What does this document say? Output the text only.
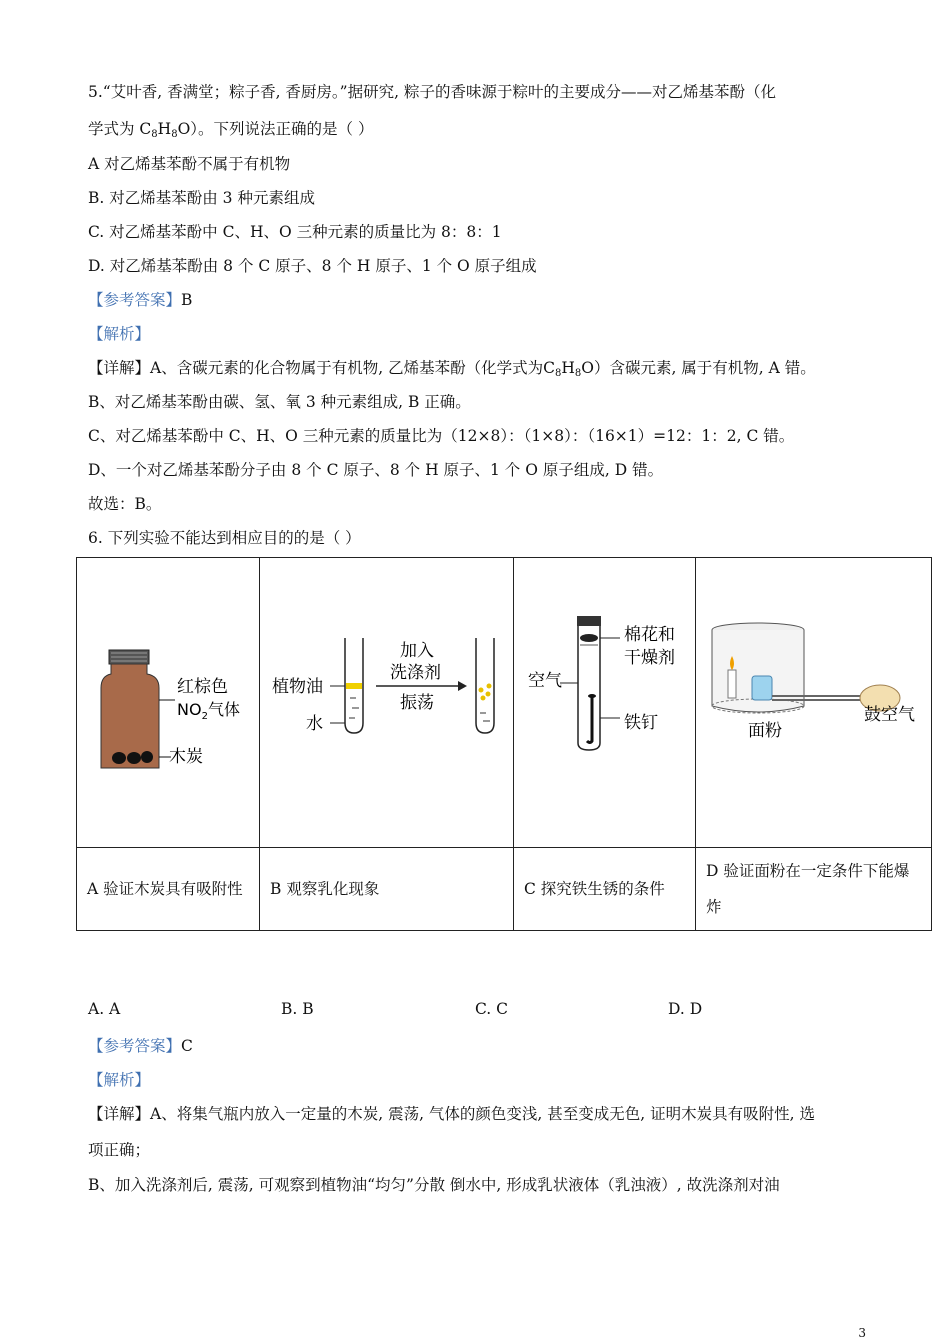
5.“艾叶香, 香满堂；粽子香, 香厨房。”据研究, 粽子的香味源于粽叶的主要成分——对乙烯基苯酚（化
学式为 $C_8H_8O$）。下列说法正确的是（ ）
A 对乙烯基苯酚不属于有机物
B. 对乙烯基苯酚由 3 种元素组成
C. 对乙烯基苯酚中 C、H、O 三种元素的质量比为 8：8：1
D. 对乙烯基苯酚由 8 个 C 原子、8 个 H 原子、1 个 O 原子组成
【参考答案】B
【解析】
【详解】A、含碳元素的化合物属于有机物, 乙烯基苯酚（化学式为$C_8H_8O$）含碳元素, 属于有机物, A 错。
B、对乙烯基苯酚由碳、氢、氧 3 种元素组成, B 正确。
C、对乙烯基苯酚中 C、H、O 三种元素的质量比为（12×8）：（1×8）：（16×1）=12：1：2, C 错。
D、一个对乙烯基苯酚分子由 8 个 C 原子、8 个 H 原子、1 个 O 原子组成, D 错。
故选：B。
6. 下列实验不能达到相应目的的是（ ）
红棕色
$NO_2$气体
木炭	植物油
水
加入
洗涤剂
振荡	棉花和
干燥剂
空气
铁钉	面粉
鼓空气

A 验证木炭具有吸附性	B 观察乳化现象	C 探究铁生锈的条件	D 验证面粉在一定条件下能爆炸
A. A	B. B	C. C	D. D
【参考答案】C
【解析】
【详解】A、将集气瓶内放入一定量的木炭, 震荡, 气体的颜色变浅, 甚至变成无色, 证明木炭具有吸附性, 选
项正确；
B、加入洗涤剂后, 震荡, 可观察到植物油“均匀”分散 倒水中, 形成乳状液体（乳浊液）, 故洗涤剂对油
3
